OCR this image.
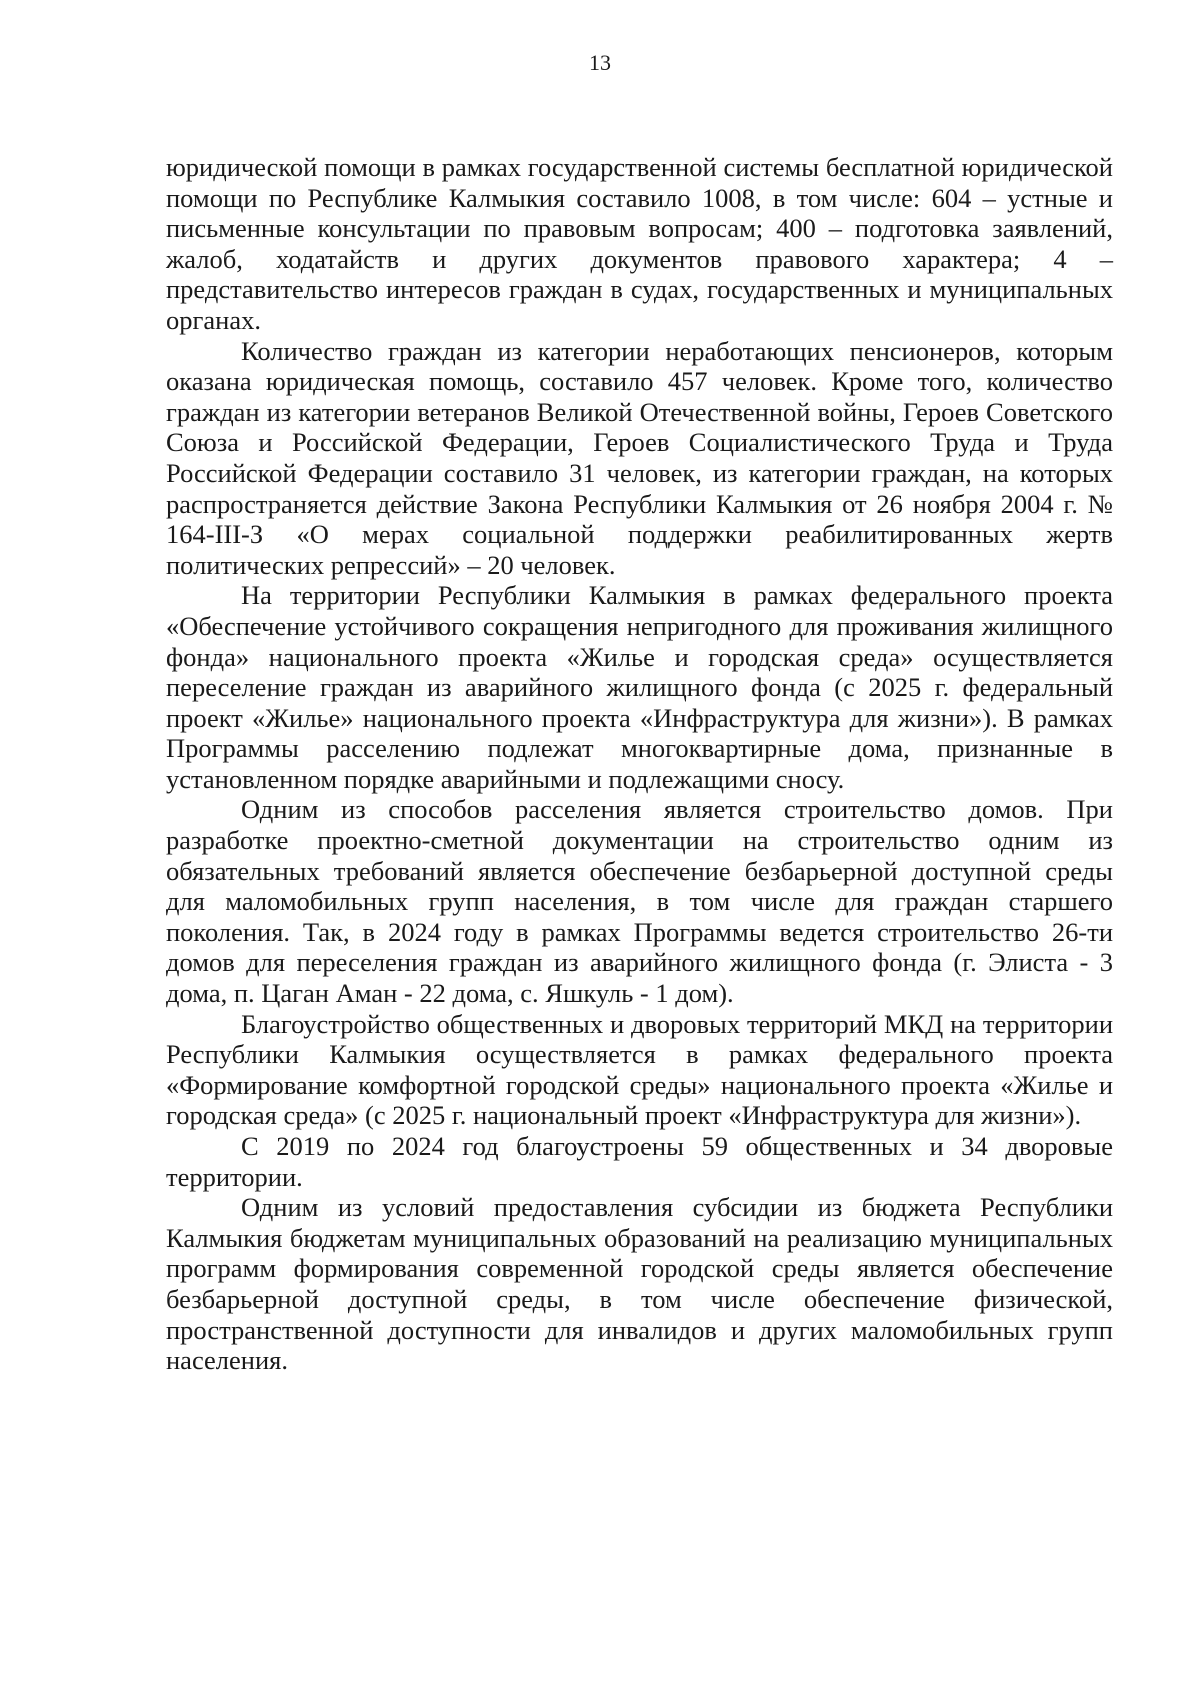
13

юридической помощи в рамках государственной системы бесплатной юридической помощи по Республике Калмыкия составило 1008, в том числе: 604 – устные и письменные консультации по правовым вопросам; 400 – подготовка заявлений, жалоб, ходатайств и других документов правового характера; 4 – представительство интересов граждан в судах, государственных и муниципальных органах.

Количество граждан из категории неработающих пенсионеров, которым оказана юридическая помощь, составило 457 человек. Кроме того, количество граждан из категории ветеранов Великой Отечественной войны, Героев Советского Союза и Российской Федерации, Героев Социалистического Труда и Труда Российской Федерации составило 31 человек, из категории граждан, на которых распространяется действие Закона Республики Калмыкия от 26 ноября 2004 г. № 164-III-З «О мерах социальной поддержки реабилитированных жертв политических репрессий» – 20 человек.

На территории Республики Калмыкия в рамках федерального проекта «Обеспечение устойчивого сокращения непригодного для проживания жилищного фонда» национального проекта «Жилье и городская среда» осуществляется переселение граждан из аварийного жилищного фонда (с 2025 г. федеральный проект «Жилье» национального проекта «Инфраструктура для жизни»). В рамках Программы расселению подлежат многоквартирные дома, признанные в установленном порядке аварийными и подлежащими сносу.

Одним из способов расселения является строительство домов. При разработке проектно-сметной документации на строительство одним из обязательных требований является обеспечение безбарьерной доступной среды для маломобильных групп населения, в том числе для граждан старшего поколения. Так, в 2024 году в рамках Программы ведется строительство 26-ти домов для переселения граждан из аварийного жилищного фонда (г. Элиста - 3 дома, п. Цаган Аман - 22 дома, с. Яшкуль - 1 дом).

Благоустройство общественных и дворовых территорий МКД на территории Республики Калмыкия осуществляется в рамках федерального проекта «Формирование комфортной городской среды» национального проекта «Жилье и городская среда» (с 2025 г. национальный проект «Инфраструктура для жизни»).

С 2019 по 2024 год благоустроены 59 общественных и 34 дворовые территории.

Одним из условий предоставления субсидии из бюджета Республики Калмыкия бюджетам муниципальных образований на реализацию муниципальных программ формирования современной городской среды является обеспечение безбарьерной доступной среды, в том числе обеспечение физической, пространственной доступности для инвалидов и других маломобильных групп населения.
